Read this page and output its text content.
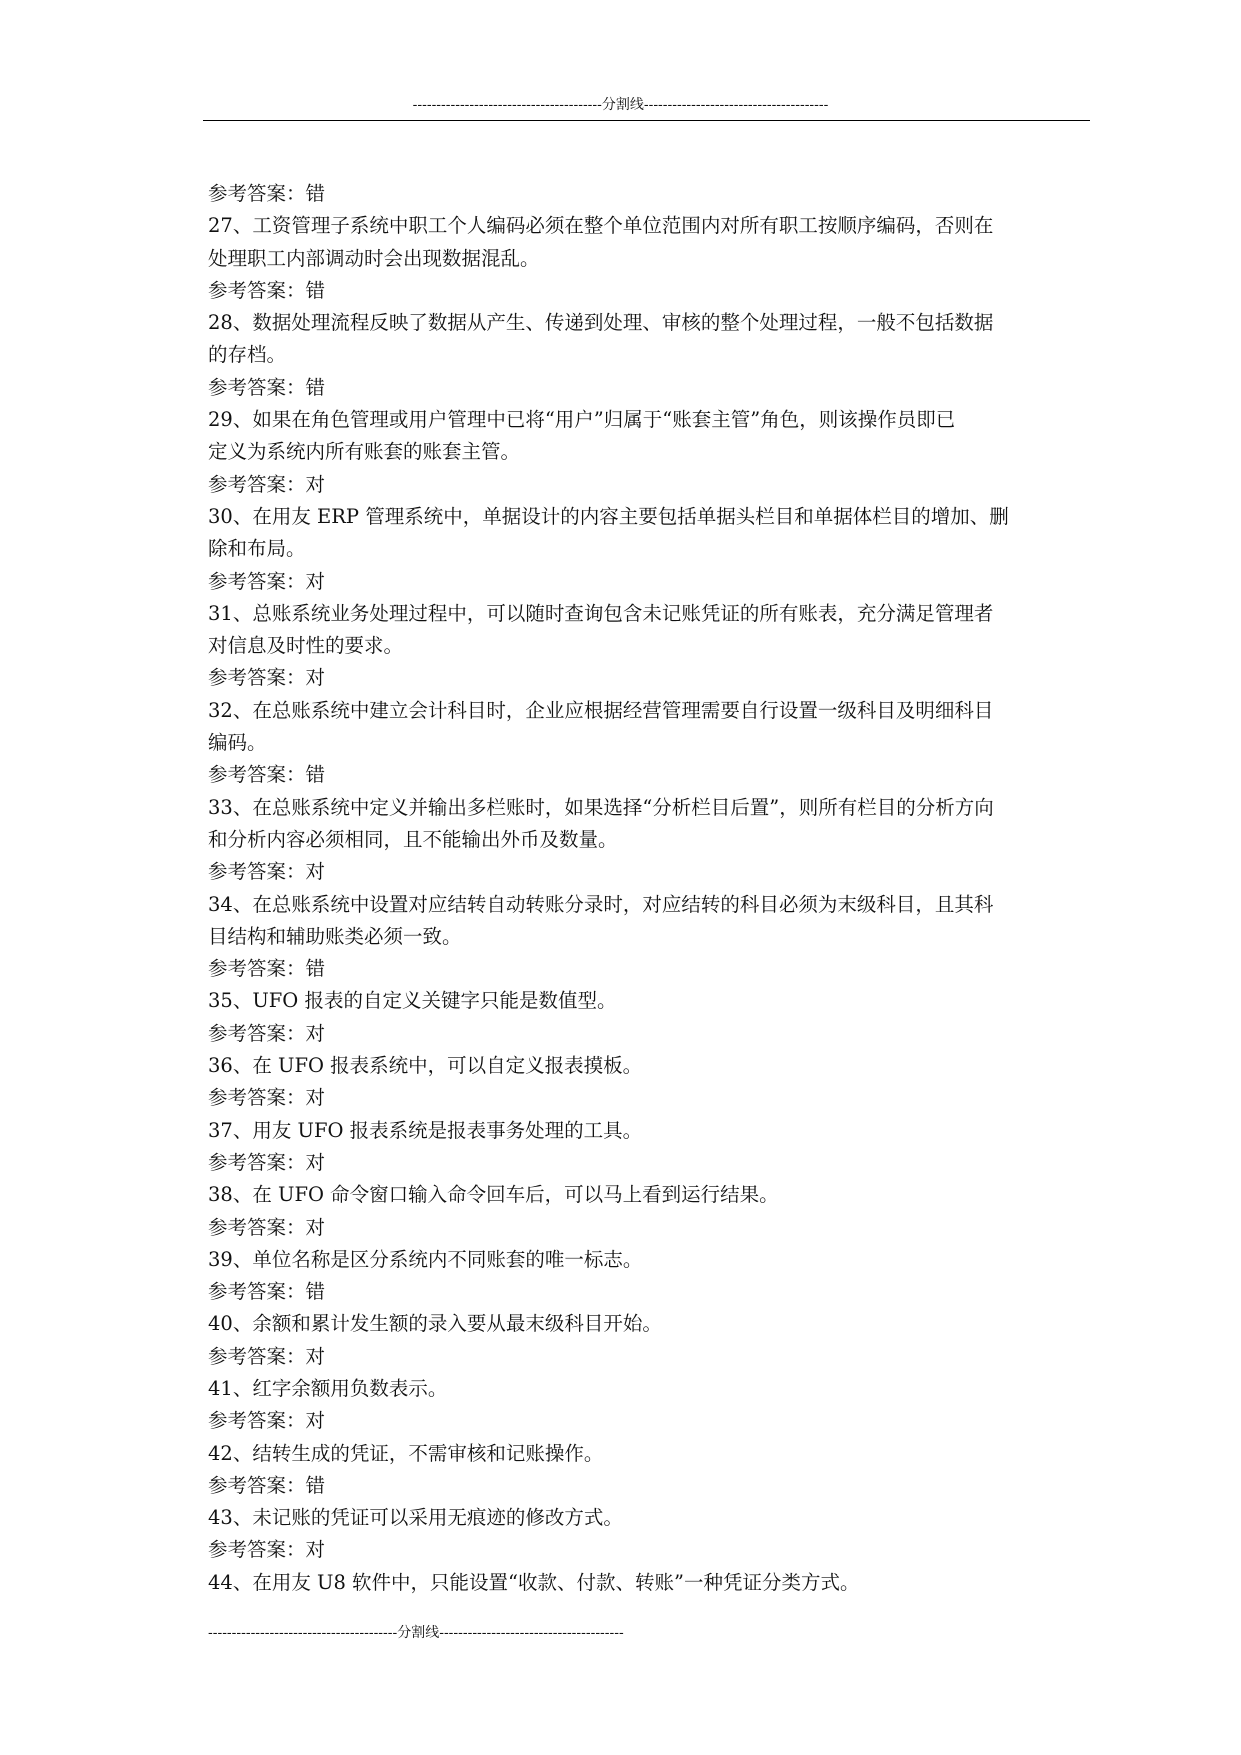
----------------------------------------分割线---------------------------------------
参考答案：错
27、工资管理子系统中职工个人编码必须在整个单位范围内对所有职工按顺序编码，否则在
处理职工内部调动时会出现数据混乱。
参考答案：错
28、数据处理流程反映了数据从产生、传递到处理、审核的整个处理过程，一般不包括数据
的存档。
参考答案：错
29、如果在角色管理或用户管理中已将“用户”归属于“账套主管”角色，则该操作员即已
定义为系统内所有账套的账套主管。
参考答案：对
30、在用友 ERP 管理系统中，单据设计的内容主要包括单据头栏目和单据体栏目的增加、删
除和布局。
参考答案：对
31、总账系统业务处理过程中，可以随时查询包含未记账凭证的所有账表，充分满足管理者
对信息及时性的要求。
参考答案：对
32、在总账系统中建立会计科目时，企业应根据经营管理需要自行设置一级科目及明细科目
编码。
参考答案：错
33、在总账系统中定义并输出多栏账时，如果选择“分析栏目后置”，则所有栏目的分析方向
和分析内容必须相同，且不能输出外币及数量。
参考答案：对
34、在总账系统中设置对应结转自动转账分录时，对应结转的科目必须为末级科目，且其科
目结构和辅助账类必须一致。
参考答案：错
35、UFO 报表的自定义关键字只能是数值型。
参考答案：对
36、在 UFO 报表系统中，可以自定义报表摸板。
参考答案：对
37、用友 UFO 报表系统是报表事务处理的工具。
参考答案：对
38、在 UFO 命令窗口输入命令回车后，可以马上看到运行结果。
参考答案：对
39、单位名称是区分系统内不同账套的唯一标志。
参考答案：错
40、余额和累计发生额的录入要从最末级科目开始。
参考答案：对
41、红字余额用负数表示。
参考答案：对
42、结转生成的凭证，不需审核和记账操作。
参考答案：错
43、未记账的凭证可以采用无痕迹的修改方式。
参考答案：对
44、在用友 U8 软件中，只能设置“收款、付款、转账”一种凭证分类方式。
----------------------------------------分割线---------------------------------------
